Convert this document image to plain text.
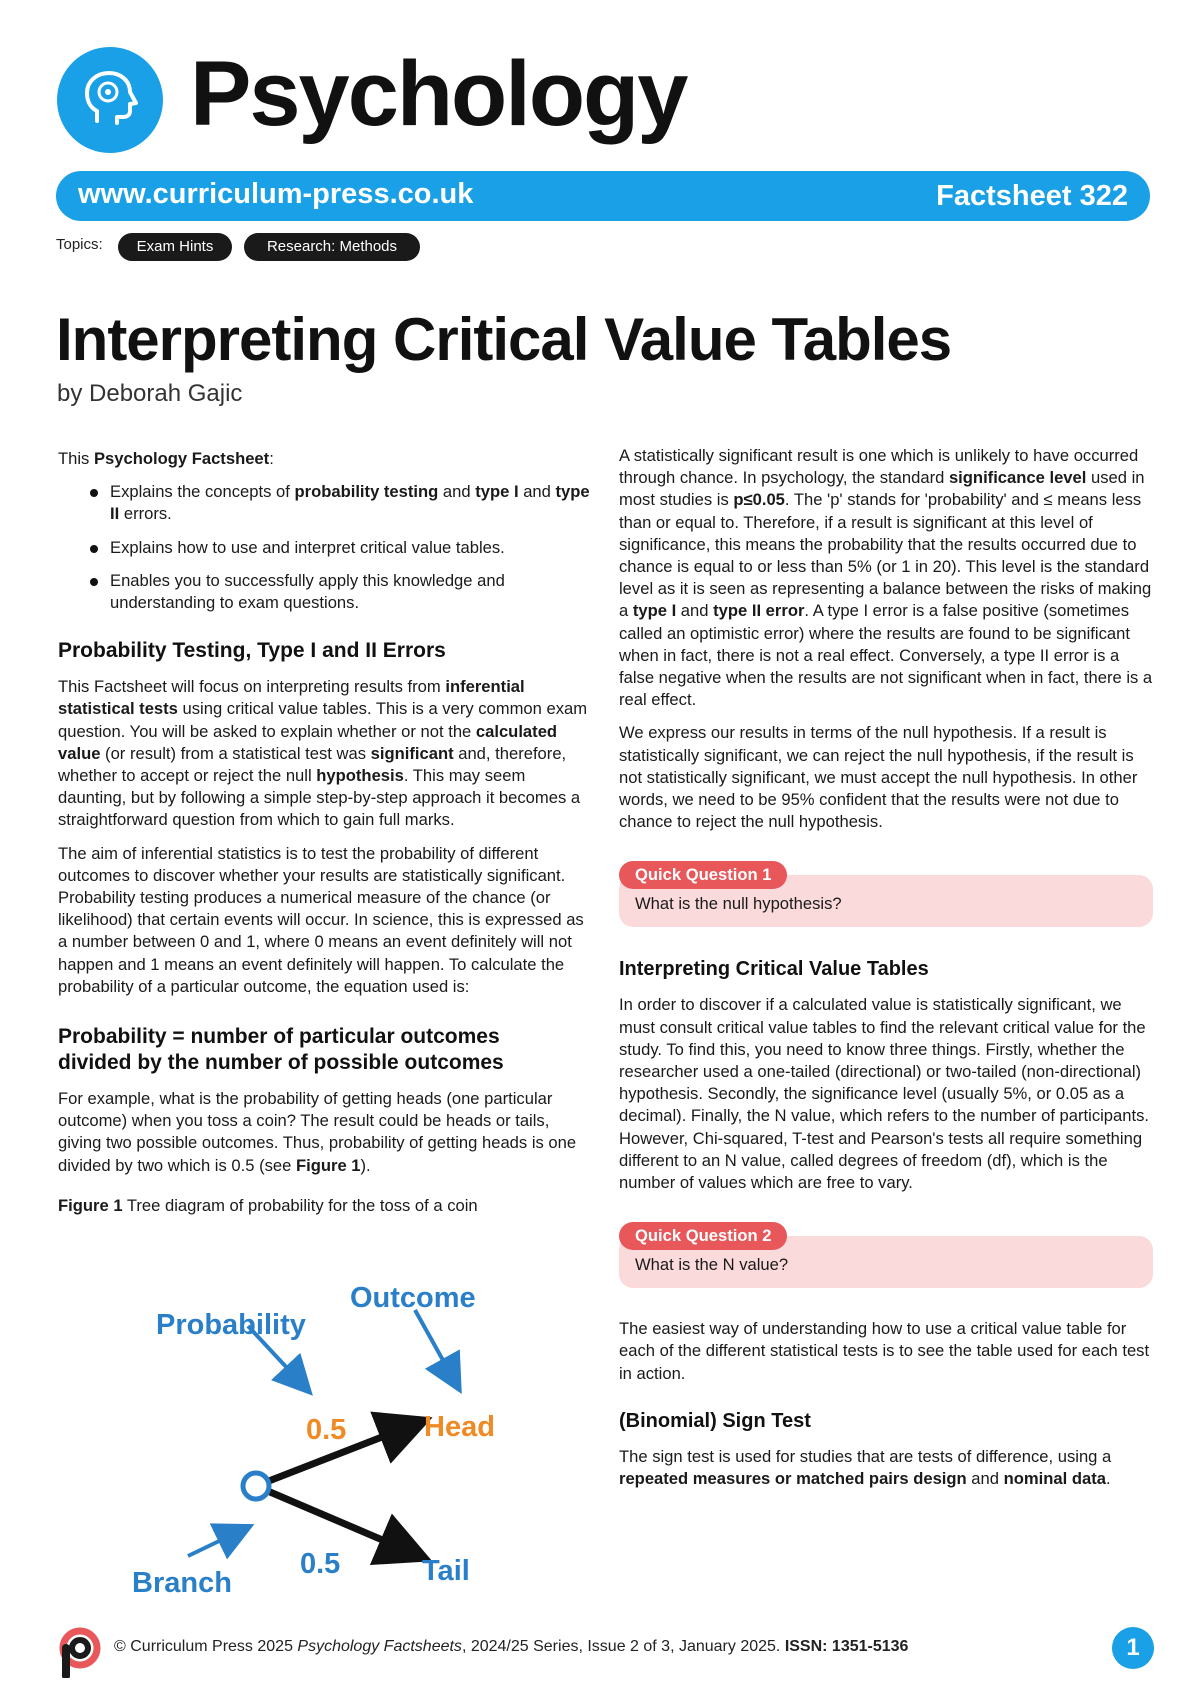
Psychology
www.curriculum-press.co.uk	Factsheet 322
Topics:	Exam Hints	Research: Methods
Interpreting Critical Value Tables
by Deborah Gajic

This Psychology Factsheet:

Explains the concepts of probability testing and type I and type II errors.
Explains how to use and interpret critical value tables.
Enables you to successfully apply this knowledge and understanding to exam questions.
Probability Testing, Type I and II Errors

This Factsheet will focus on interpreting results from inferential statistical tests using critical value tables. This is a very common exam question. You will be asked to explain whether or not the calculated value (or result) from a statistical test was significant and, therefore, whether to accept or reject the null hypothesis. This may seem daunting, but by following a simple step-by-step approach it becomes a straightforward question from which to gain full marks.

The aim of inferential statistics is to test the probability of different outcomes to discover whether your results are statistically significant. Probability testing produces a numerical measure of the chance (or likelihood) that certain events will occur. In science, this is expressed as a number between 0 and 1, where 0 means an event definitely will not happen and 1 means an event definitely will happen. To calculate the probability of a particular outcome, the equation used is:

Probability = number of particular outcomes divided by the number of possible outcomes

For example, what is the probability of getting heads (one particular outcome) when you toss a coin? The result could be heads or tails, giving two possible outcomes. Thus, probability of getting heads is one divided by two which is 0.5 (see Figure 1).

Figure 1 Tree diagram of probability for the toss of a coin

Probability
Outcome
Branch
0.5
0.5
Head
Tail

A statistically significant result is one which is unlikely to have occurred through chance. In psychology, the standard significance level used in most studies is p≤0.05. The 'p' stands for 'probability' and ≤ means less than or equal to. Therefore, if a result is significant at this level of significance, this means the probability that the results occurred due to chance is equal to or less than 5% (or 1 in 20). This level is the standard level as it is seen as representing a balance between the risks of making a type I and type II error. A type I error is a false positive (sometimes called an optimistic error) where the results are found to be significant when in fact, there is not a real effect. Conversely, a type II error is a false negative when the results are not significant when in fact, there is a real effect.

We express our results in terms of the null hypothesis. If a result is statistically significant, we can reject the null hypothesis, if the result is not statistically significant, we must accept the null hypothesis. In other words, we need to be 95% confident that the results were not due to chance to reject the null hypothesis.

Quick Question 1
What is the null hypothesis?
Interpreting Critical Value Tables

In order to discover if a calculated value is statistically significant, we must consult critical value tables to find the relevant critical value for the study. To find this, you need to know three things. Firstly, whether the researcher used a one-tailed (directional) or two-tailed (non-directional) hypothesis. Secondly, the significance level (usually 5%, or 0.05 as a decimal). Finally, the N value, which refers to the number of participants. However, Chi-squared, T-test and Pearson's tests all require something different to an N value, called degrees of freedom (df), which is the number of values which are free to vary.

Quick Question 2
What is the N value?

The easiest way of understanding how to use a critical value table for each of the different statistical tests is to see the table used for each test in action.

(Binomial) Sign Test

The sign test is used for studies that are tests of difference, using a repeated measures or matched pairs design and nominal data.

© Curriculum Press 2025 Psychology Factsheets, 2024/25 Series, Issue 2 of 3, January 2025. ISSN: 1351-5136	1
